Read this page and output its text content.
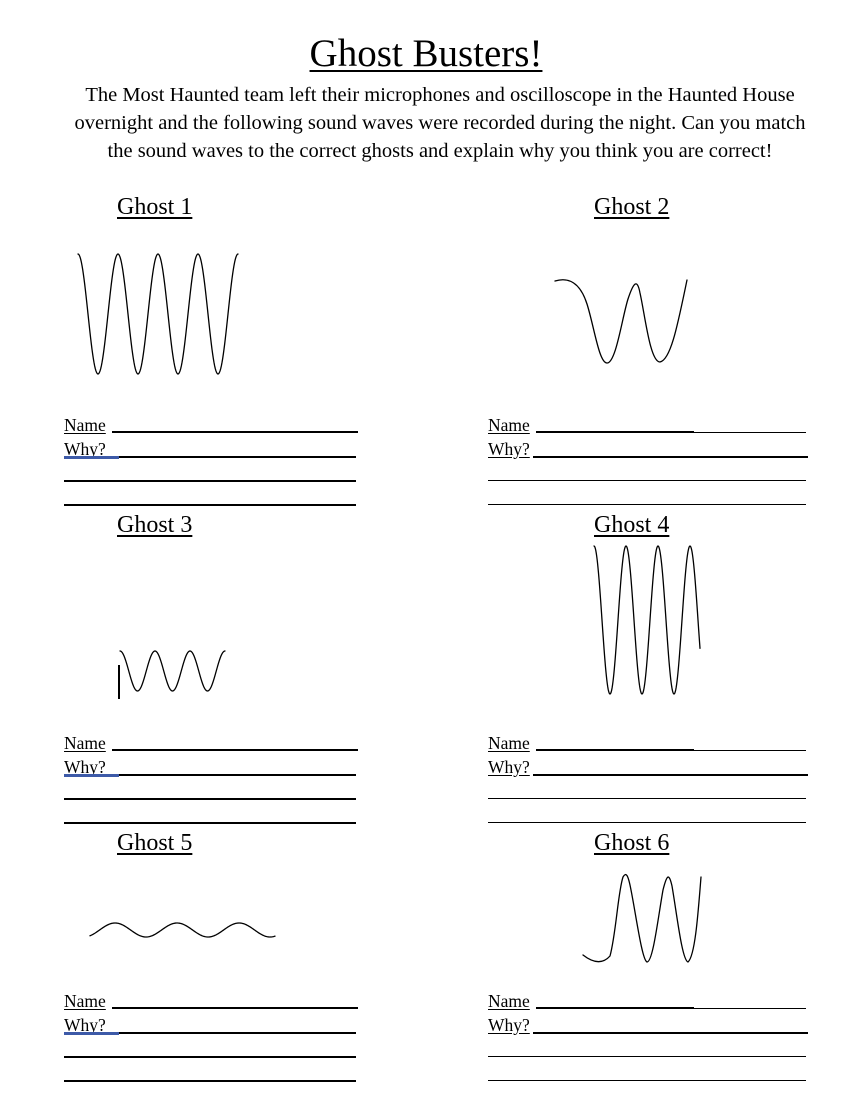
Ghost Busters!
The Most Haunted team left their microphones and oscilloscope in the Haunted House overnight and the following sound waves were recorded during the night. Can you match the sound waves to the correct ghosts and explain why you think you are correct!
Ghost 1
Name
Why?
Ghost 2
Name
Why?
Ghost 3
Name
Why?
Ghost 4
Name
Why?
Ghost 5
Name
Why?
Ghost 6
Name
Why?
